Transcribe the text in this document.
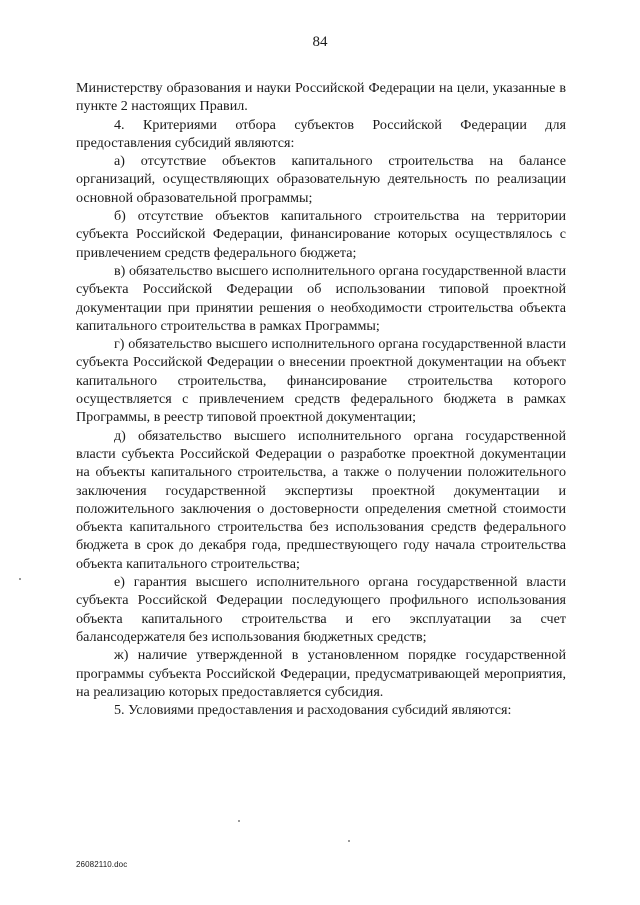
84

Министерству образования и науки Российской Федерации на цели, указанные в пункте 2 настоящих Правил.

4. Критериями отбора субъектов Российской Федерации для предоставления субсидий являются:

а) отсутствие объектов капитального строительства на балансе организаций, осуществляющих образовательную деятельность по реализации основной образовательной программы;

б) отсутствие объектов капитального строительства на территории субъекта Российской Федерации, финансирование которых осуществлялось с привлечением средств федерального бюджета;

в) обязательство высшего исполнительного органа государственной власти субъекта Российской Федерации об использовании типовой проектной документации при принятии решения о необходимости строительства объекта капитального строительства в рамках Программы;

г) обязательство высшего исполнительного органа государственной власти субъекта Российской Федерации о внесении проектной документации на объект капитального строительства, финансирование строительства которого осуществляется с привлечением средств федерального бюджета в рамках Программы, в реестр типовой проектной документации;

д) обязательство высшего исполнительного органа государственной власти субъекта Российской Федерации о разработке проектной документации на объекты капитального строительства, а также о получении положительного заключения государственной экспертизы проектной документации и положительного заключения о достоверности определения сметной стоимости объекта капитального строительства без использования средств федерального бюджета в срок до декабря года, предшествующего году начала строительства объекта капитального строительства;

е) гарантия высшего исполнительного органа государственной власти субъекта Российской Федерации последующего профильного использования объекта капитального строительства и его эксплуатации за счет балансодержателя без использования бюджетных средств;

ж) наличие утвержденной в установленном порядке государственной программы субъекта Российской Федерации, предусматривающей мероприятия, на реализацию которых предоставляется субсидия.

5. Условиями предоставления и расходования субсидий являются:

26082110.doc
